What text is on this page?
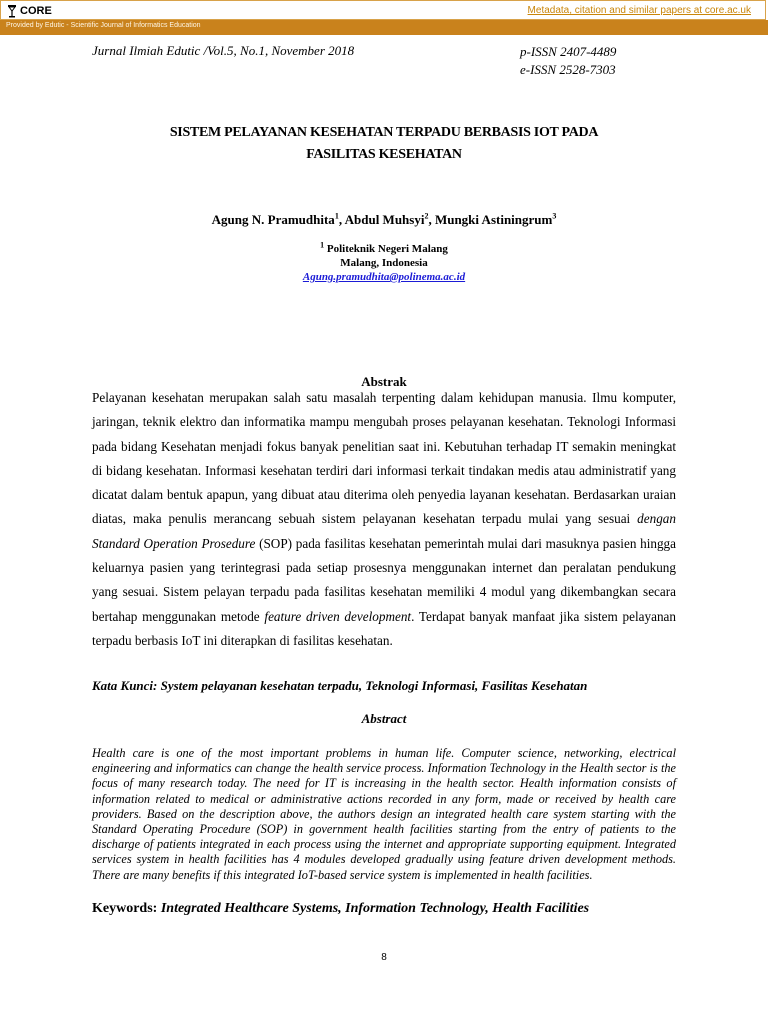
CORE	Metadata, citation and similar papers at core.ac.uk
Provided by Edutic - Scientific Journal of Informatics Education
Jurnal Ilmiah Edutic /Vol.5, No.1, November 2018	p-ISSN 2407-4489
e-ISSN 2528-7303
SISTEM PELAYANAN KESEHATAN TERPADU BERBASIS IOT PADA
FASILITAS KESEHATAN
Agung N. Pramudhita$^1$, Abdul Muhsyi$^2$, Mungki Astiningrum$^3$
$^1$ Politeknik Negeri Malang
Malang, Indonesia
Agung.pramudhita@polinema.ac.id
Abstrak
Pelayanan kesehatan merupakan salah satu masalah terpenting dalam kehidupan manusia. Ilmu komputer, jaringan, teknik elektro dan informatika mampu mengubah proses pelayanan kesehatan. Teknologi Informasi pada bidang Kesehatan menjadi fokus banyak penelitian saat ini. Kebutuhan terhadap IT semakin meningkat di bidang kesehatan. Informasi kesehatan terdiri dari informasi terkait tindakan medis atau administratif yang dicatat dalam bentuk apapun, yang dibuat atau diterima oleh penyedia layanan kesehatan. Berdasarkan uraian diatas, maka penulis merancang sebuah sistem pelayanan kesehatan terpadu mulai yang sesuai dengan Standard Operation Prosedure (SOP) pada fasilitas kesehatan pemerintah mulai dari masuknya pasien hingga keluarnya pasien yang terintegrasi pada setiap prosesnya menggunakan internet dan peralatan pendukung yang sesuai. Sistem pelayan terpadu pada fasilitas kesehatan memiliki 4 modul yang dikembangkan secara bertahap menggunakan metode feature driven development. Terdapat banyak manfaat jika sistem pelayanan terpadu berbasis IoT ini diterapkan di fasilitas kesehatan.
Kata Kunci: System pelayanan kesehatan terpadu, Teknologi Informasi, Fasilitas Kesehatan
Abstract
Health care is one of the most important problems in human life. Computer science, networking, electrical engineering and informatics can change the health service process. Information Technology in the Health sector is the focus of many research today. The need for IT is increasing in the health sector. Health information consists of information related to medical or administrative actions recorded in any form, made or received by health care providers. Based on the description above, the authors design an integrated health care system starting with the Standard Operating Procedure (SOP) in government health facilities starting from the entry of patients to the discharge of patients integrated in each process using the internet and appropriate supporting equipment. Integrated services system in health facilities has 4 modules developed gradually using feature driven development methods. There are many benefits if this integrated IoT-based service system is implemented in health facilities.
Keywords: Integrated Healthcare Systems, Information Technology, Health Facilities
8
